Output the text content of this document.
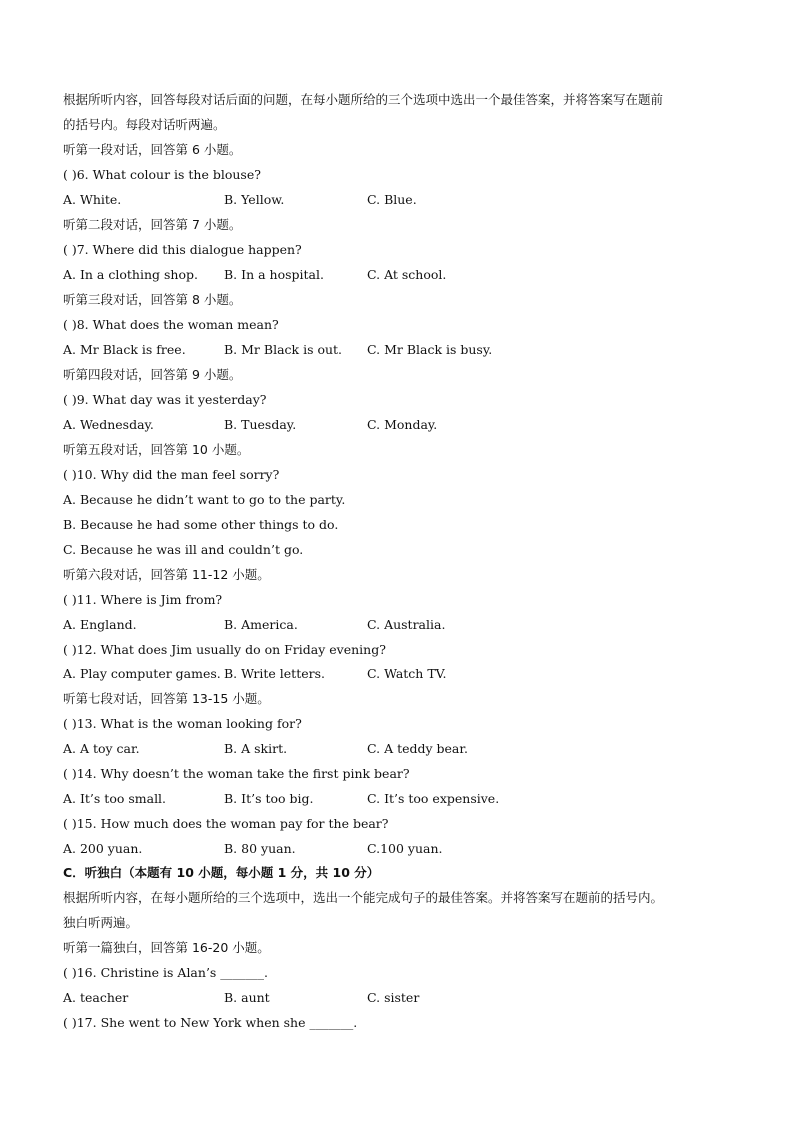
根据所听内容，回答每段对话后面的问题，在每小题所给的三个选项中选出一个最佳答案，并将答案写在题前
的括号内。每段对话听两遍。
听第一段对话，回答第 6 小题。
( )6. What colour is the blouse?
A. White.	B. Yellow.	C. Blue.
听第二段对话，回答第 7 小题。
( )7. Where did this dialogue happen?
A. In a clothing shop. B. In a hospital.	C. At school.
听第三段对话，回答第 8 小题。
( )8. What does the woman mean?
A. Mr Black is free.	B. Mr Black is out. C. Mr Black is busy.
听第四段对话，回答第 9 小题。
( )9. What day was it yesterday?
A. Wednesday.	B. Tuesday.	C. Monday.
听第五段对话，回答第 10 小题。
( )10. Why did the man feel sorry?
A. Because he didn’t want to go to the party.
B. Because he had some other things to do.
C. Because he was ill and couldn’t go.
听第六段对话，回答第 11-12 小题。
( )11. Where is Jim from?
A. England.	B. America.	C. Australia.
( )12. What does Jim usually do on Friday evening?
A. Play computer games. B. Write letters.	C. Watch TV.
听第七段对话，回答第 13-15 小题。
( )13. What is the woman looking for?
A. A toy car.	B. A skirt.	C. A teddy bear.
( )14. Why doesn’t the woman take the first pink bear?
A. It’s too small.	B. It’s too big.	C. It’s too expensive.
( )15. How much does the woman pay for the bear?
A. 200 yuan.	B. 80 yuan.	C.100 yuan.
C．听独白（本题有 10 小题，每小题 1 分，共 10 分）
根据所听内容，在每小题所给的三个选项中，选出一个能完成句子的最佳答案。并将答案写在题前的括号内。
独白听两遍。
听第一篇独白，回答第 16-20 小题。
( )16. Christine is Alan’s _______.
A. teacher	B. aunt	C. sister
( )17. She went to New York when she _______.
